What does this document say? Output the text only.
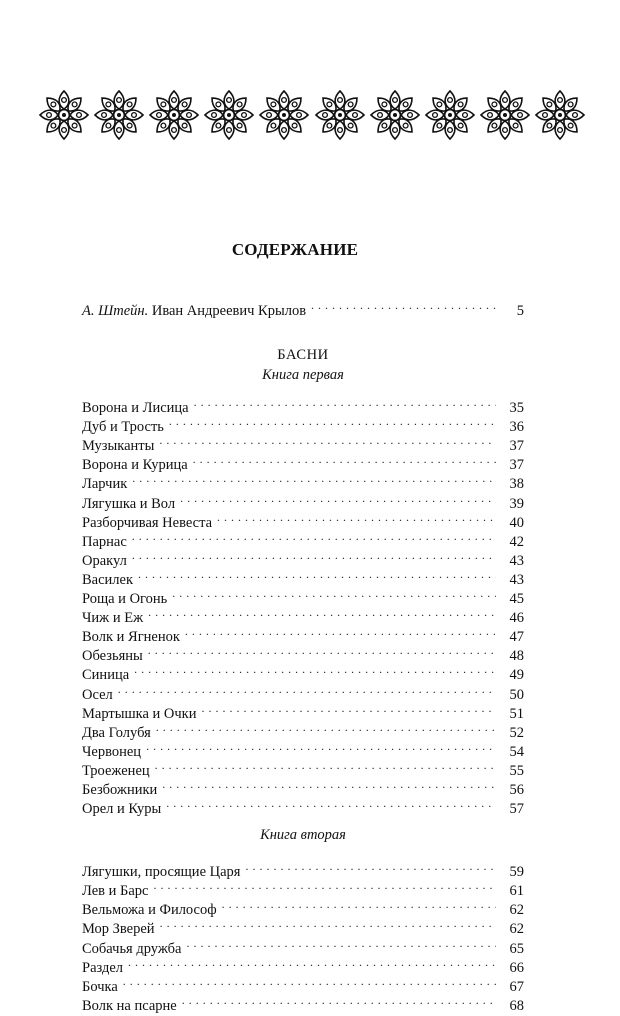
СОДЕРЖАНИЕ
А. Штейн. Иван Андреевич Крылов . . .	5
БАСНИ
Книга первая
Ворона и Лисица . . .	35
Дуб и Трость . . .	36
Музыканты . . .	37
Ворона и Курица . . .	37
Ларчик . . .	38
Лягушка и Вол . . .	39
Разборчивая Невеста . . .	40
Парнас . . .	42
Оракул . . .	43
Василек . . .	43
Роща и Огонь . . .	45
Чиж и Еж . . .	46
Волк и Ягненок . . .	47
Обезьяны . . .	48
Синица . . .	49
Осел . . .	50
Мартышка и Очки . . .	51
Два Голубя . . .	52
Червонец . . .	54
Троеженец . . .	55
Безбожники . . .	56
Орел и Куры . . .	57
Книга вторая
Лягушки, просящие Царя . . .	59
Лев и Барс . . .	61
Вельможа и Философ . . .	62
Мор Зверей . . .	62
Собачья дружба . . .	65
Раздел . . .	66
Бочка . . .	67
Волк на псарне . . .	68
